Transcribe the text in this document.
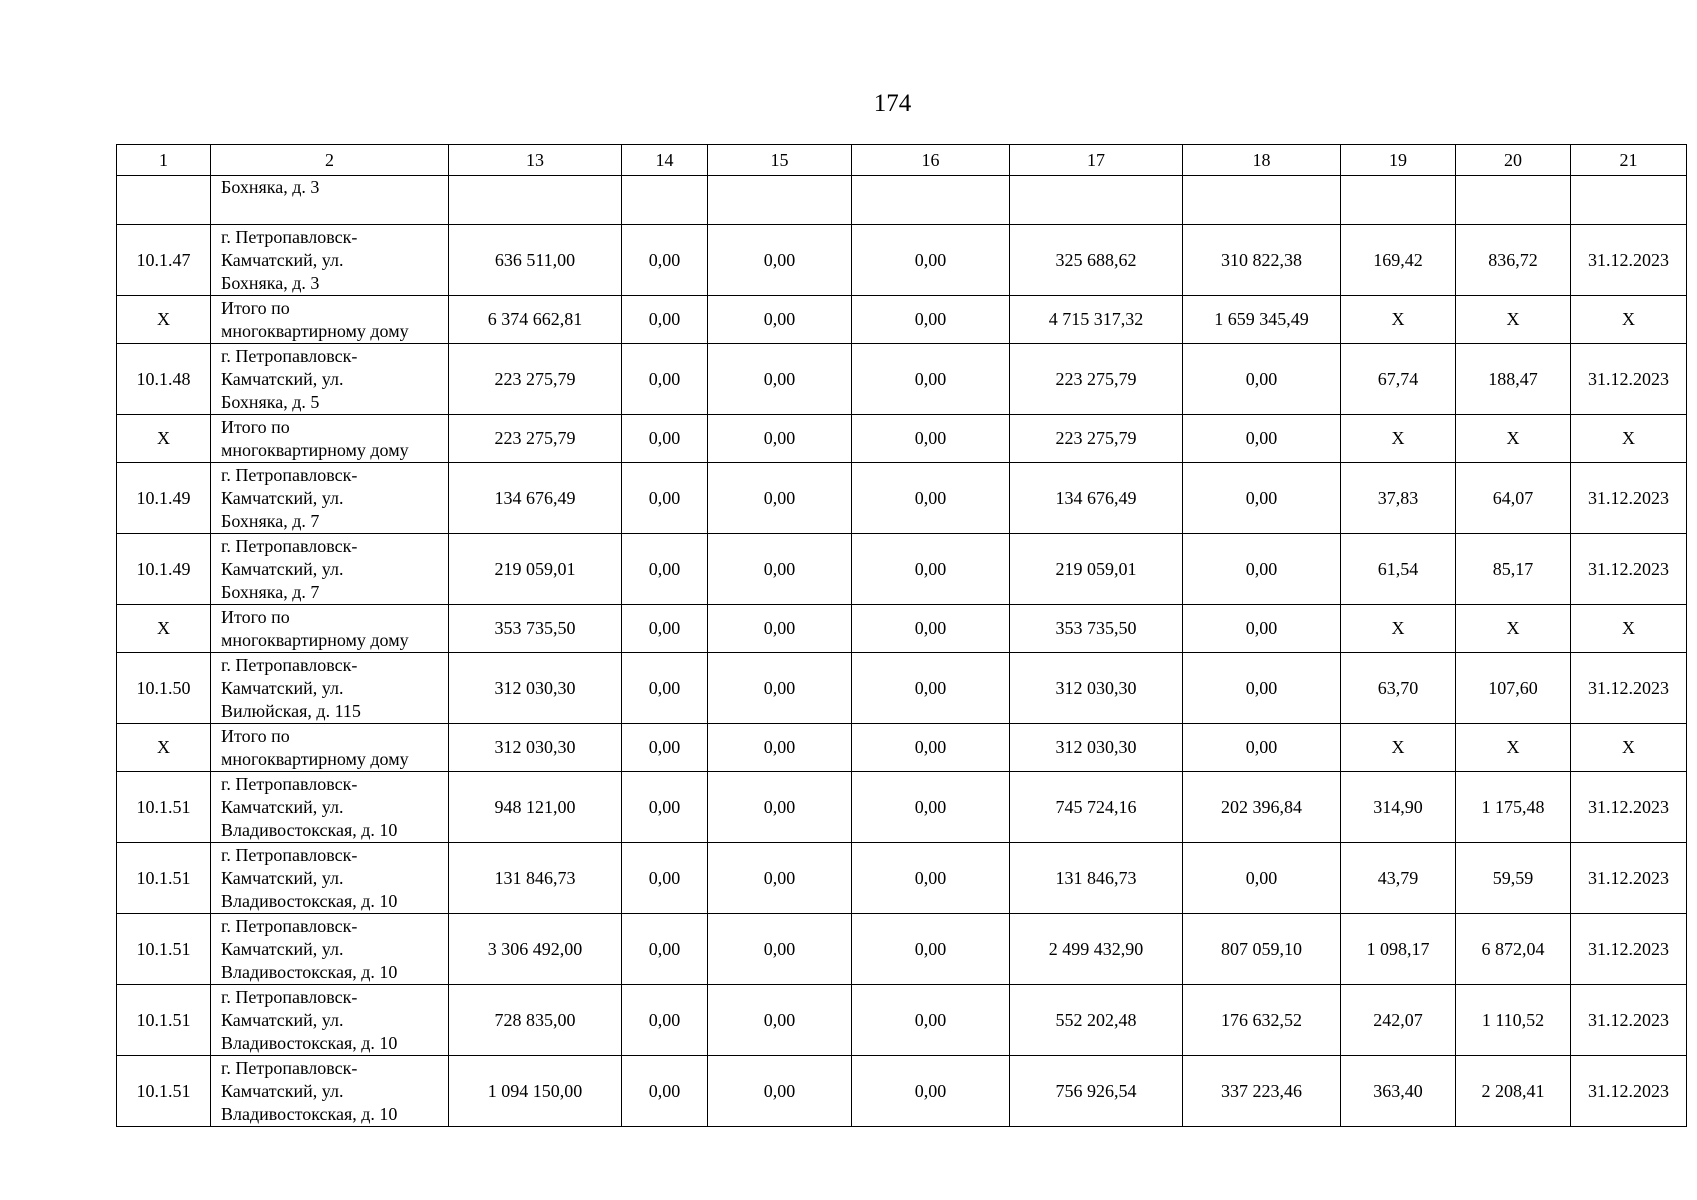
174
1	2	13	14	15	16	17	18	19	20	21
	Бохняка, д. 3									
10.1.47	г. Петропавловск-
Камчатский, ул.
Бохняка, д. 3	636 511,00	0,00	0,00	0,00	325 688,62	310 822,38	169,42	836,72	31.12.2023
X	Итого по
многоквартирному дому	6 374 662,81	0,00	0,00	0,00	4 715 317,32	1 659 345,49	X	X	X
10.1.48	г. Петропавловск-
Камчатский, ул.
Бохняка, д. 5	223 275,79	0,00	0,00	0,00	223 275,79	0,00	67,74	188,47	31.12.2023
X	Итого по
многоквартирному дому	223 275,79	0,00	0,00	0,00	223 275,79	0,00	X	X	X
10.1.49	г. Петропавловск-
Камчатский, ул.
Бохняка, д. 7	134 676,49	0,00	0,00	0,00	134 676,49	0,00	37,83	64,07	31.12.2023
10.1.49	г. Петропавловск-
Камчатский, ул.
Бохняка, д. 7	219 059,01	0,00	0,00	0,00	219 059,01	0,00	61,54	85,17	31.12.2023
X	Итого по
многоквартирному дому	353 735,50	0,00	0,00	0,00	353 735,50	0,00	X	X	X
10.1.50	г. Петропавловск-
Камчатский, ул.
Вилюйская, д. 115	312 030,30	0,00	0,00	0,00	312 030,30	0,00	63,70	107,60	31.12.2023
X	Итого по
многоквартирному дому	312 030,30	0,00	0,00	0,00	312 030,30	0,00	X	X	X
10.1.51	г. Петропавловск-
Камчатский, ул.
Владивостокская, д. 10	948 121,00	0,00	0,00	0,00	745 724,16	202 396,84	314,90	1 175,48	31.12.2023
10.1.51	г. Петропавловск-
Камчатский, ул.
Владивостокская, д. 10	131 846,73	0,00	0,00	0,00	131 846,73	0,00	43,79	59,59	31.12.2023
10.1.51	г. Петропавловск-
Камчатский, ул.
Владивостокская, д. 10	3 306 492,00	0,00	0,00	0,00	2 499 432,90	807 059,10	1 098,17	6 872,04	31.12.2023
10.1.51	г. Петропавловск-
Камчатский, ул.
Владивостокская, д. 10	728 835,00	0,00	0,00	0,00	552 202,48	176 632,52	242,07	1 110,52	31.12.2023
10.1.51	г. Петропавловск-
Камчатский, ул.
Владивостокская, д. 10	1 094 150,00	0,00	0,00	0,00	756 926,54	337 223,46	363,40	2 208,41	31.12.2023
